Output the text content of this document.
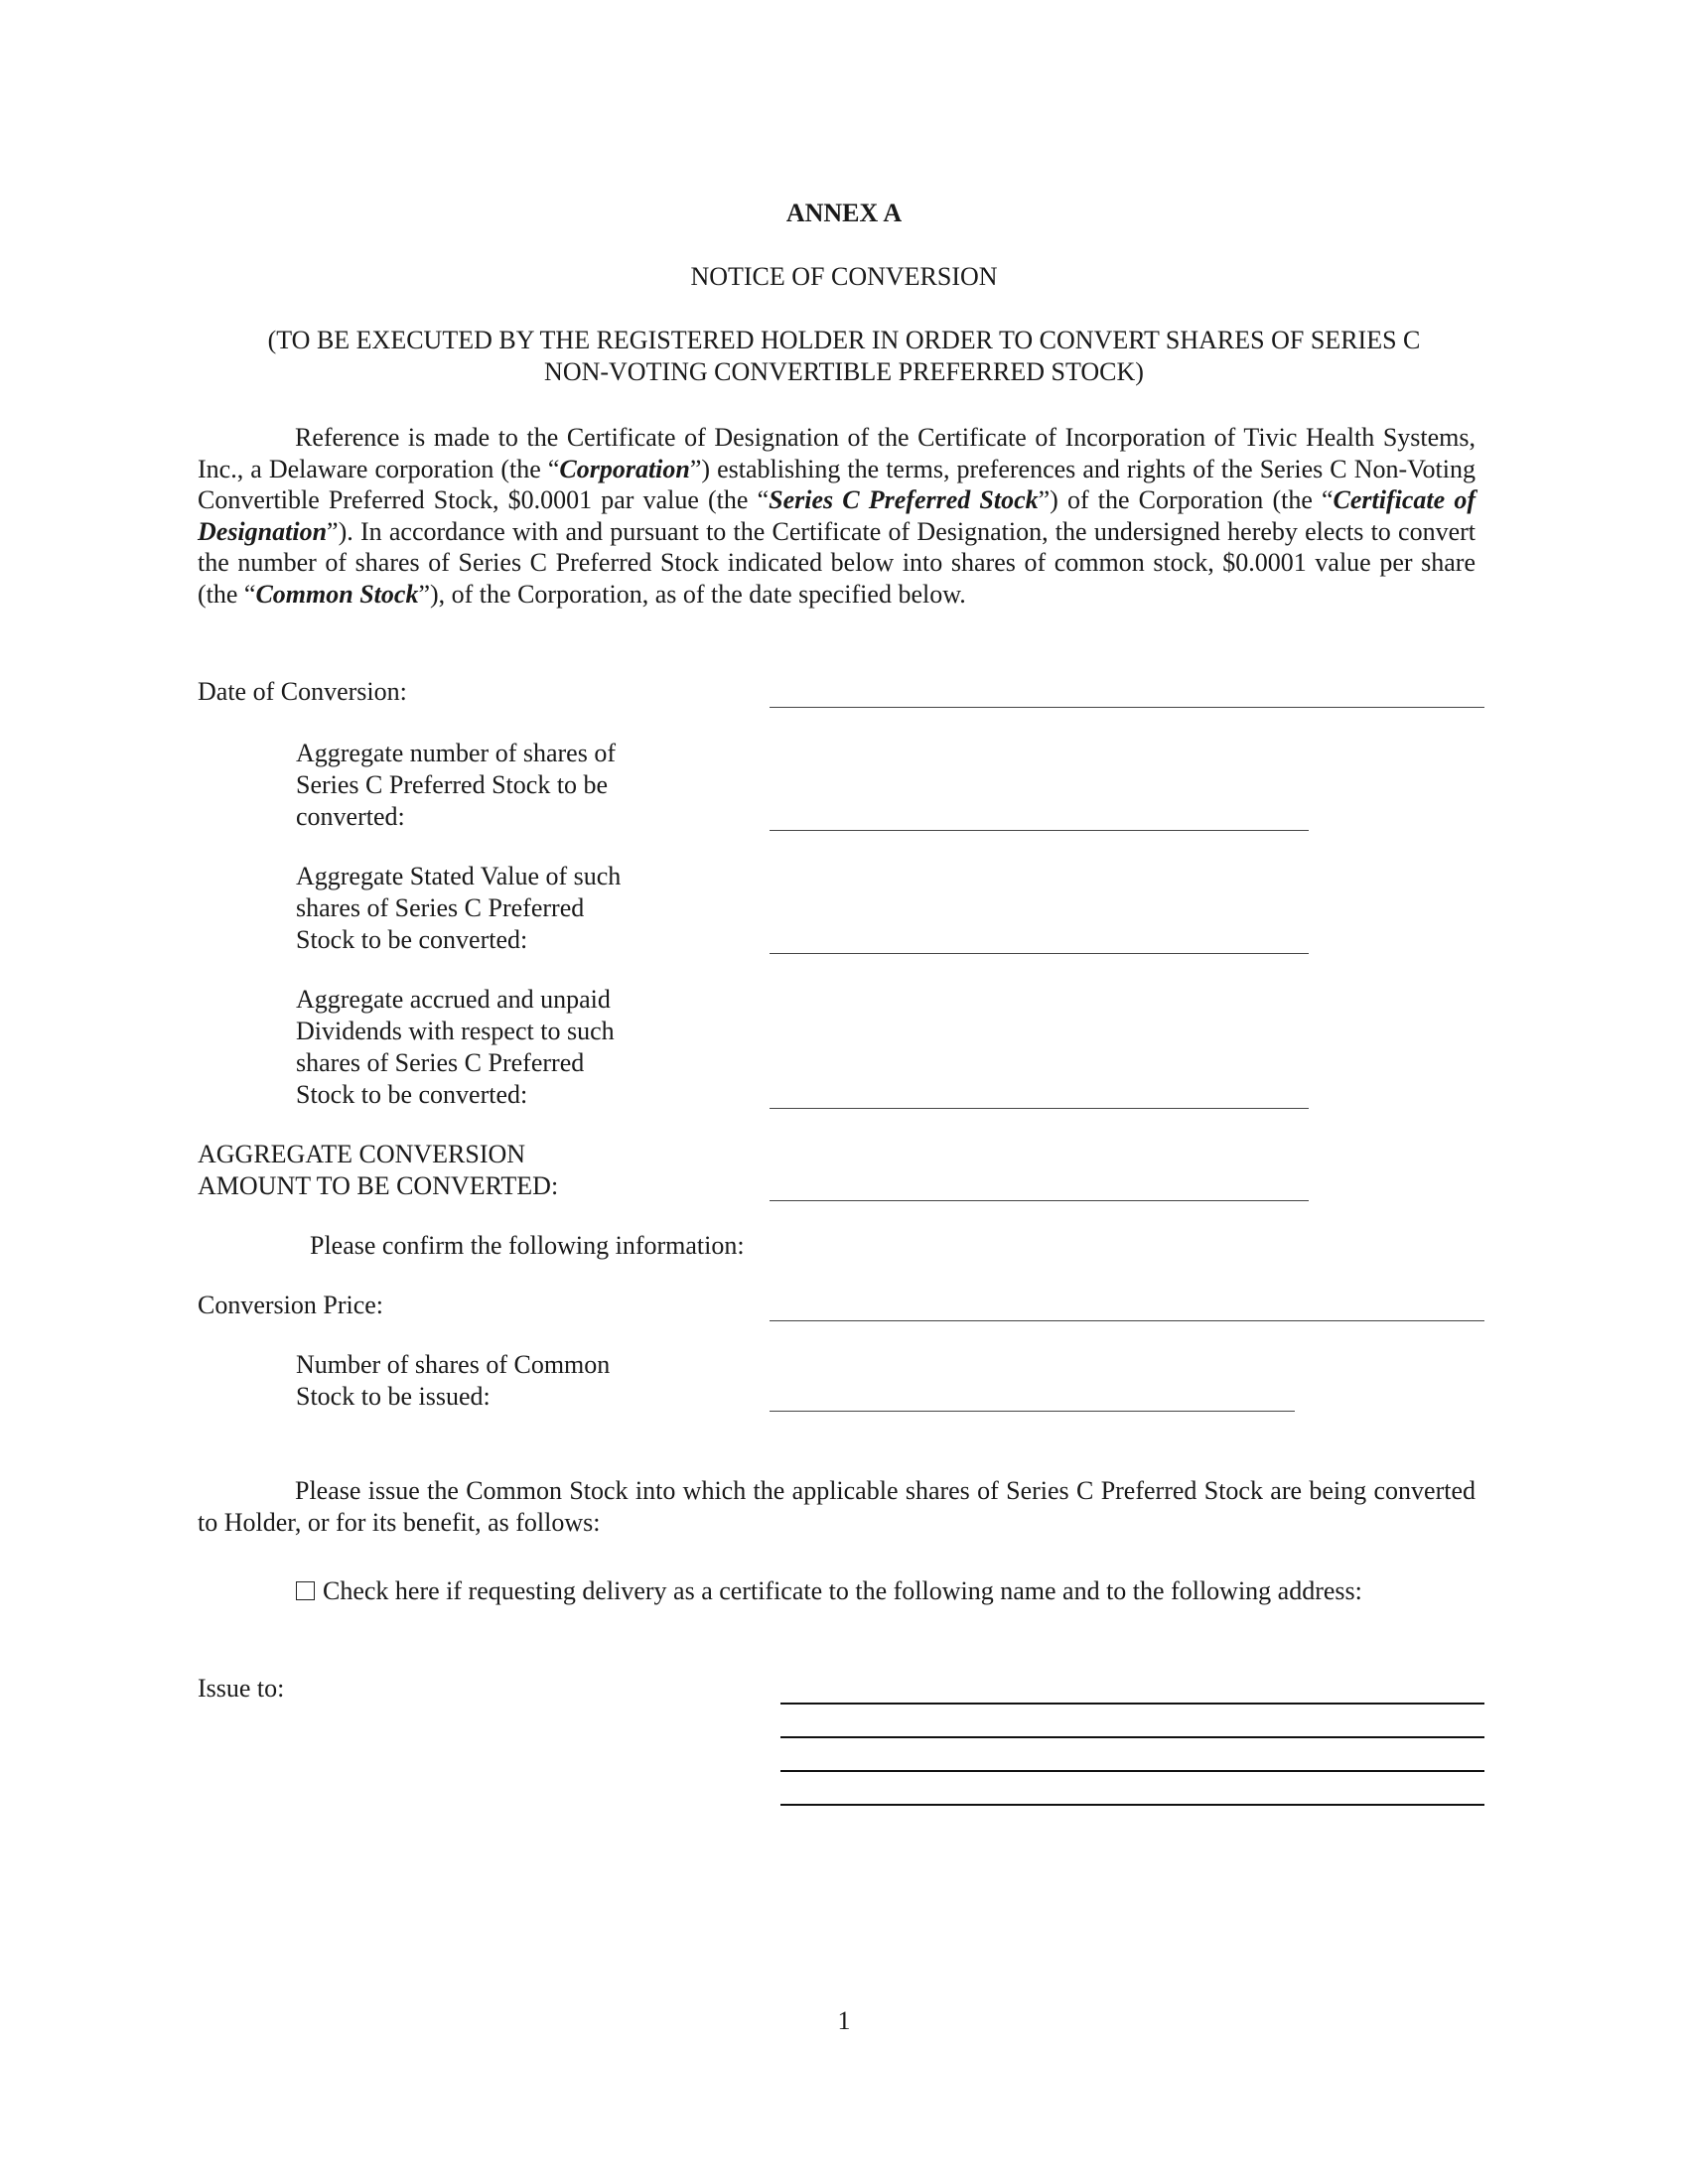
ANNEX A
NOTICE OF CONVERSION
(TO BE EXECUTED BY THE REGISTERED HOLDER IN ORDER TO CONVERT SHARES OF SERIES C
NON-VOTING CONVERTIBLE PREFERRED STOCK)

Reference is made to the Certificate of Designation of the Certificate of Incorporation of Tivic Health Systems, Inc., a Delaware corporation (the “Corporation”) establishing the terms, preferences and rights of the Series C Non-Voting Convertible Preferred Stock, $0.0001 par value (the “Series C Preferred Stock”) of the Corporation (the “Certificate of Designation”). In accordance with and pursuant to the Certificate of Designation, the undersigned hereby elects to convert the number of shares of Series C Preferred Stock indicated below into shares of common stock, $0.0001 value per share (the “Common Stock”), of the Corporation, as of the date specified below.

Date of Conversion:
Aggregate number of shares of
Series C Preferred Stock to be
converted:
Aggregate Stated Value of such
shares of Series C Preferred
Stock to be converted:
Aggregate accrued and unpaid
Dividends with respect to such
shares of Series C Preferred
Stock to be converted:
AGGREGATE CONVERSION
AMOUNT TO BE CONVERTED:
Please confirm the following information:
Conversion Price:
Number of shares of Common
Stock to be issued:

Please issue the Common Stock into which the applicable shares of Series C Preferred Stock are being converted to Holder, or for its benefit, as follows:

Check here if requesting delivery as a certificate to the following name and to the following address:
Issue to:
1
